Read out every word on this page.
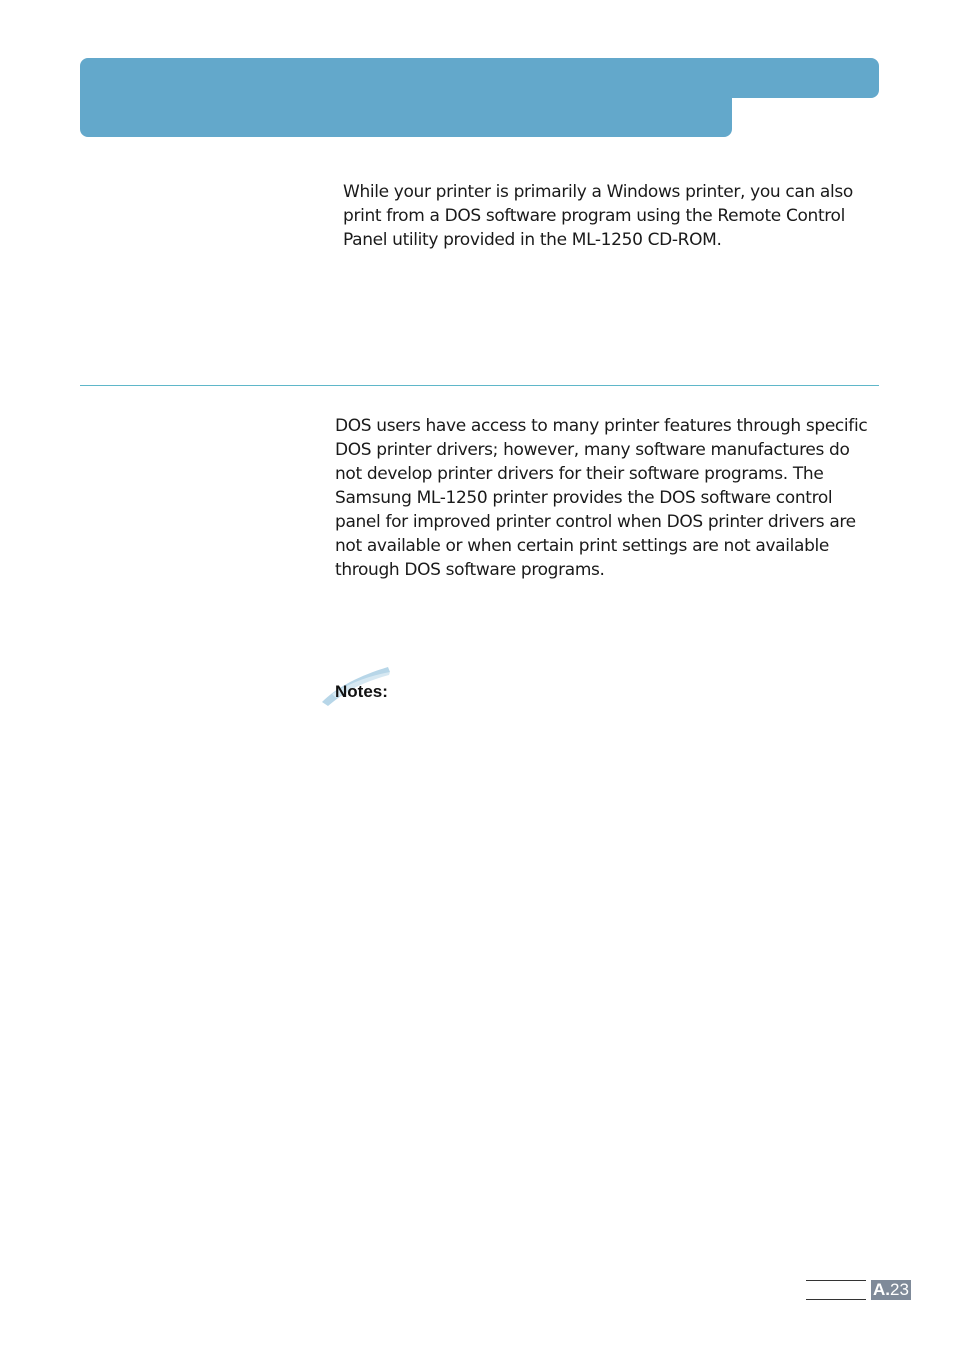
While your printer is primarily a Windows printer, you can also print from a DOS software program using the Remote Control Panel utility provided in the ML-1250 CD-ROM.

DOS users have access to many printer features through specific DOS printer drivers; however, many software manufactures do not develop printer drivers for their software programs. The Samsung ML-1250 printer provides the DOS software control panel for improved printer control when DOS printer drivers are not available or when certain print settings are not available through DOS software programs.

Notes:
A.23
